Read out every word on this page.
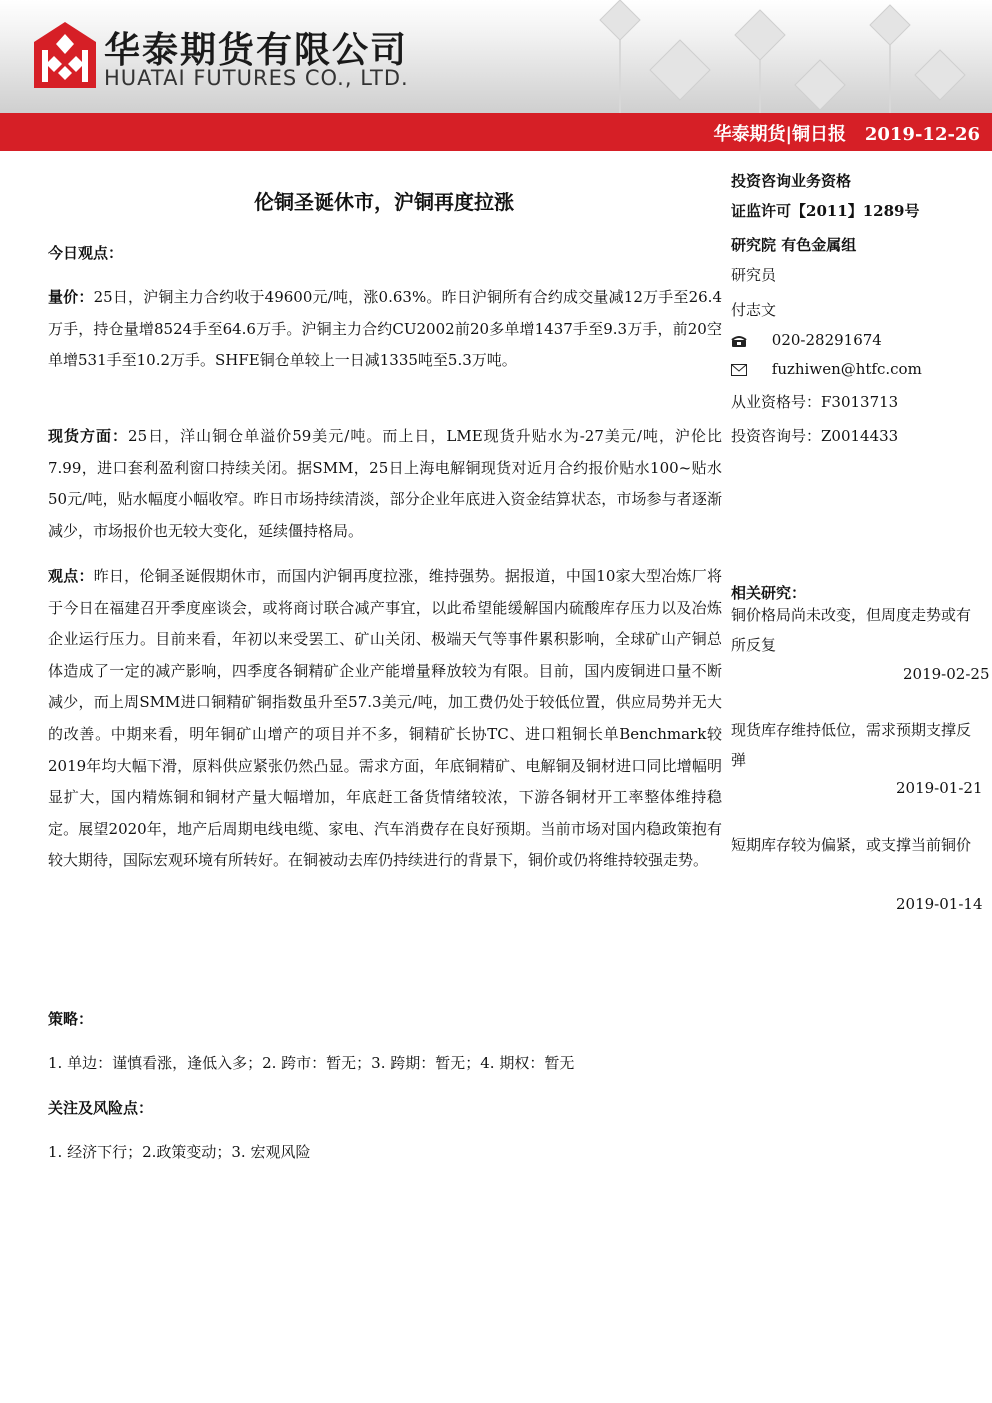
华泰期货有限公司
HUATAI FUTURES CO., LTD.
华泰期货|铜日报 2019-12-26
伦铜圣诞休市，沪铜再度拉涨
今日观点：

量价：25日，沪铜主力合约收于49600元/吨，涨0.63%。昨日沪铜所有合约成交量减12万手至26.4万手，持仓量增8524手至64.6万手。沪铜主力合约CU2002前20多单增1437手至9.3万手，前20空单增531手至10.2万手。SHFE铜仓单较上一日减1335吨至5.3万吨。

现货方面：25日，洋山铜仓单溢价59美元/吨。而上日，LME现货升贴水为-27美元/吨，沪伦比7.99，进口套利盈利窗口持续关闭。据SMM，25日上海电解铜现货对近月合约报价贴水100~贴水50元/吨，贴水幅度小幅收窄。昨日市场持续清淡，部分企业年底进入资金结算状态，市场参与者逐渐减少，市场报价也无较大变化，延续僵持格局。

观点：昨日，伦铜圣诞假期休市，而国内沪铜再度拉涨，维持强势。据报道，中国10家大型冶炼厂将于今日在福建召开季度座谈会，或将商讨联合减产事宜，以此希望能缓解国内硫酸库存压力以及冶炼企业运行压力。目前来看，年初以来受罢工、矿山关闭、极端天气等事件累积影响，全球矿山产铜总体造成了一定的减产影响，四季度各铜精矿企业产能增量释放较为有限。目前，国内废铜进口量不断减少，而上周SMM进口铜精矿铜指数虽升至57.3美元/吨，加工费仍处于较低位置，供应局势并无大的改善。中期来看，明年铜矿山增产的项目并不多，铜精矿长协TC、进口粗铜长单Benchmark较2019年均大幅下滑，原料供应紧张仍然凸显。需求方面，年底铜精矿、电解铜及铜材进口同比增幅明显扩大，国内精炼铜和铜材产量大幅增加，年底赶工备货情绪较浓，下游各铜材开工率整体维持稳定。展望2020年，地产后周期电线电缆、家电、汽车消费存在良好预期。当前市场对国内稳政策抱有较大期待，国际宏观环境有所转好。在铜被动去库仍持续进行的背景下，铜价或仍将维持较强走势。

策略：
1. 单边：谨慎看涨，逢低入多；2. 跨市：暂无；3. 跨期：暂无；4. 期权：暂无
关注及风险点：
1. 经济下行；2.政策变动；3. 宏观风险
投资咨询业务资格
证监许可【2011】1289号
研究院 有色金属组
研究员
付志文
020-28291674
fuzhiwen@htfc.com
从业资格号：F3013713
投资咨询号：Z0014433
相关研究：

铜价格局尚未改变，但周度走势或有所反复

2019-02-25

现货库存维持低位，需求预期支撑反弹

2019-01-21

短期库存较为偏紧，或支撑当前铜价

2019-01-14
